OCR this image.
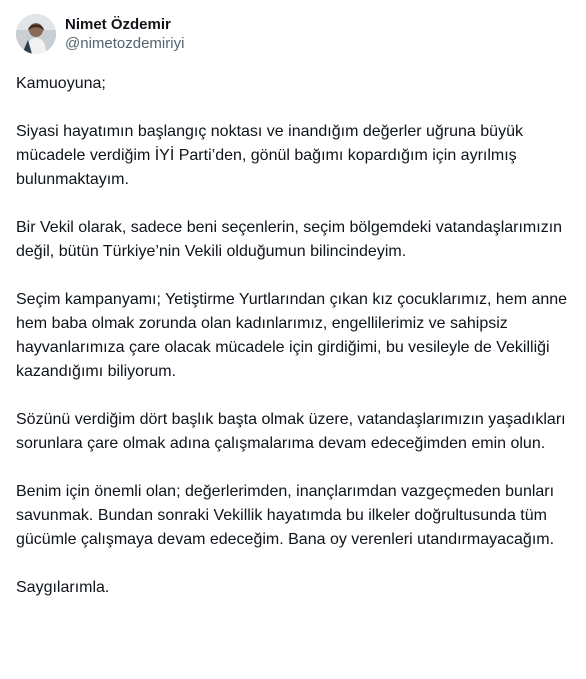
Nimet Özdemir
@nimetozdemiriyi

Kamuoyuna;

Siyasi hayatımın başlangıç noktası ve inandığım değerler uğruna büyük mücadele verdiğim İYİ Parti’den, gönül bağımı kopardığım için ayrılmış bulunmaktayım.

Bir Vekil olarak, sadece beni seçenlerin, seçim bölgemdeki vatandaşlarımızın değil, bütün Türkiye’nin Vekili olduğumun bilincindeyim.

Seçim kampanyamı; Yetiştirme Yurtlarından çıkan kız çocuklarımız, hem anne hem baba olmak zorunda olan kadınlarımız, engellilerimiz ve sahipsiz hayvanlarımıza çare olacak mücadele için girdiğimi, bu vesileyle de Vekilliği kazandığımı biliyorum.

Sözünü verdiğim dört başlık başta olmak üzere, vatandaşlarımızın yaşadıkları sorunlara çare olmak adına çalışmalarıma devam edeceğimden emin olun.

Benim için önemli olan; değerlerimden, inançlarımdan vazgeçmeden bunları savunmak. Bundan sonraki Vekillik hayatımda bu ilkeler doğrultusunda tüm gücümle çalışmaya devam edeceğim. Bana oy verenleri utandırmayacağım.

Saygılarımla.
